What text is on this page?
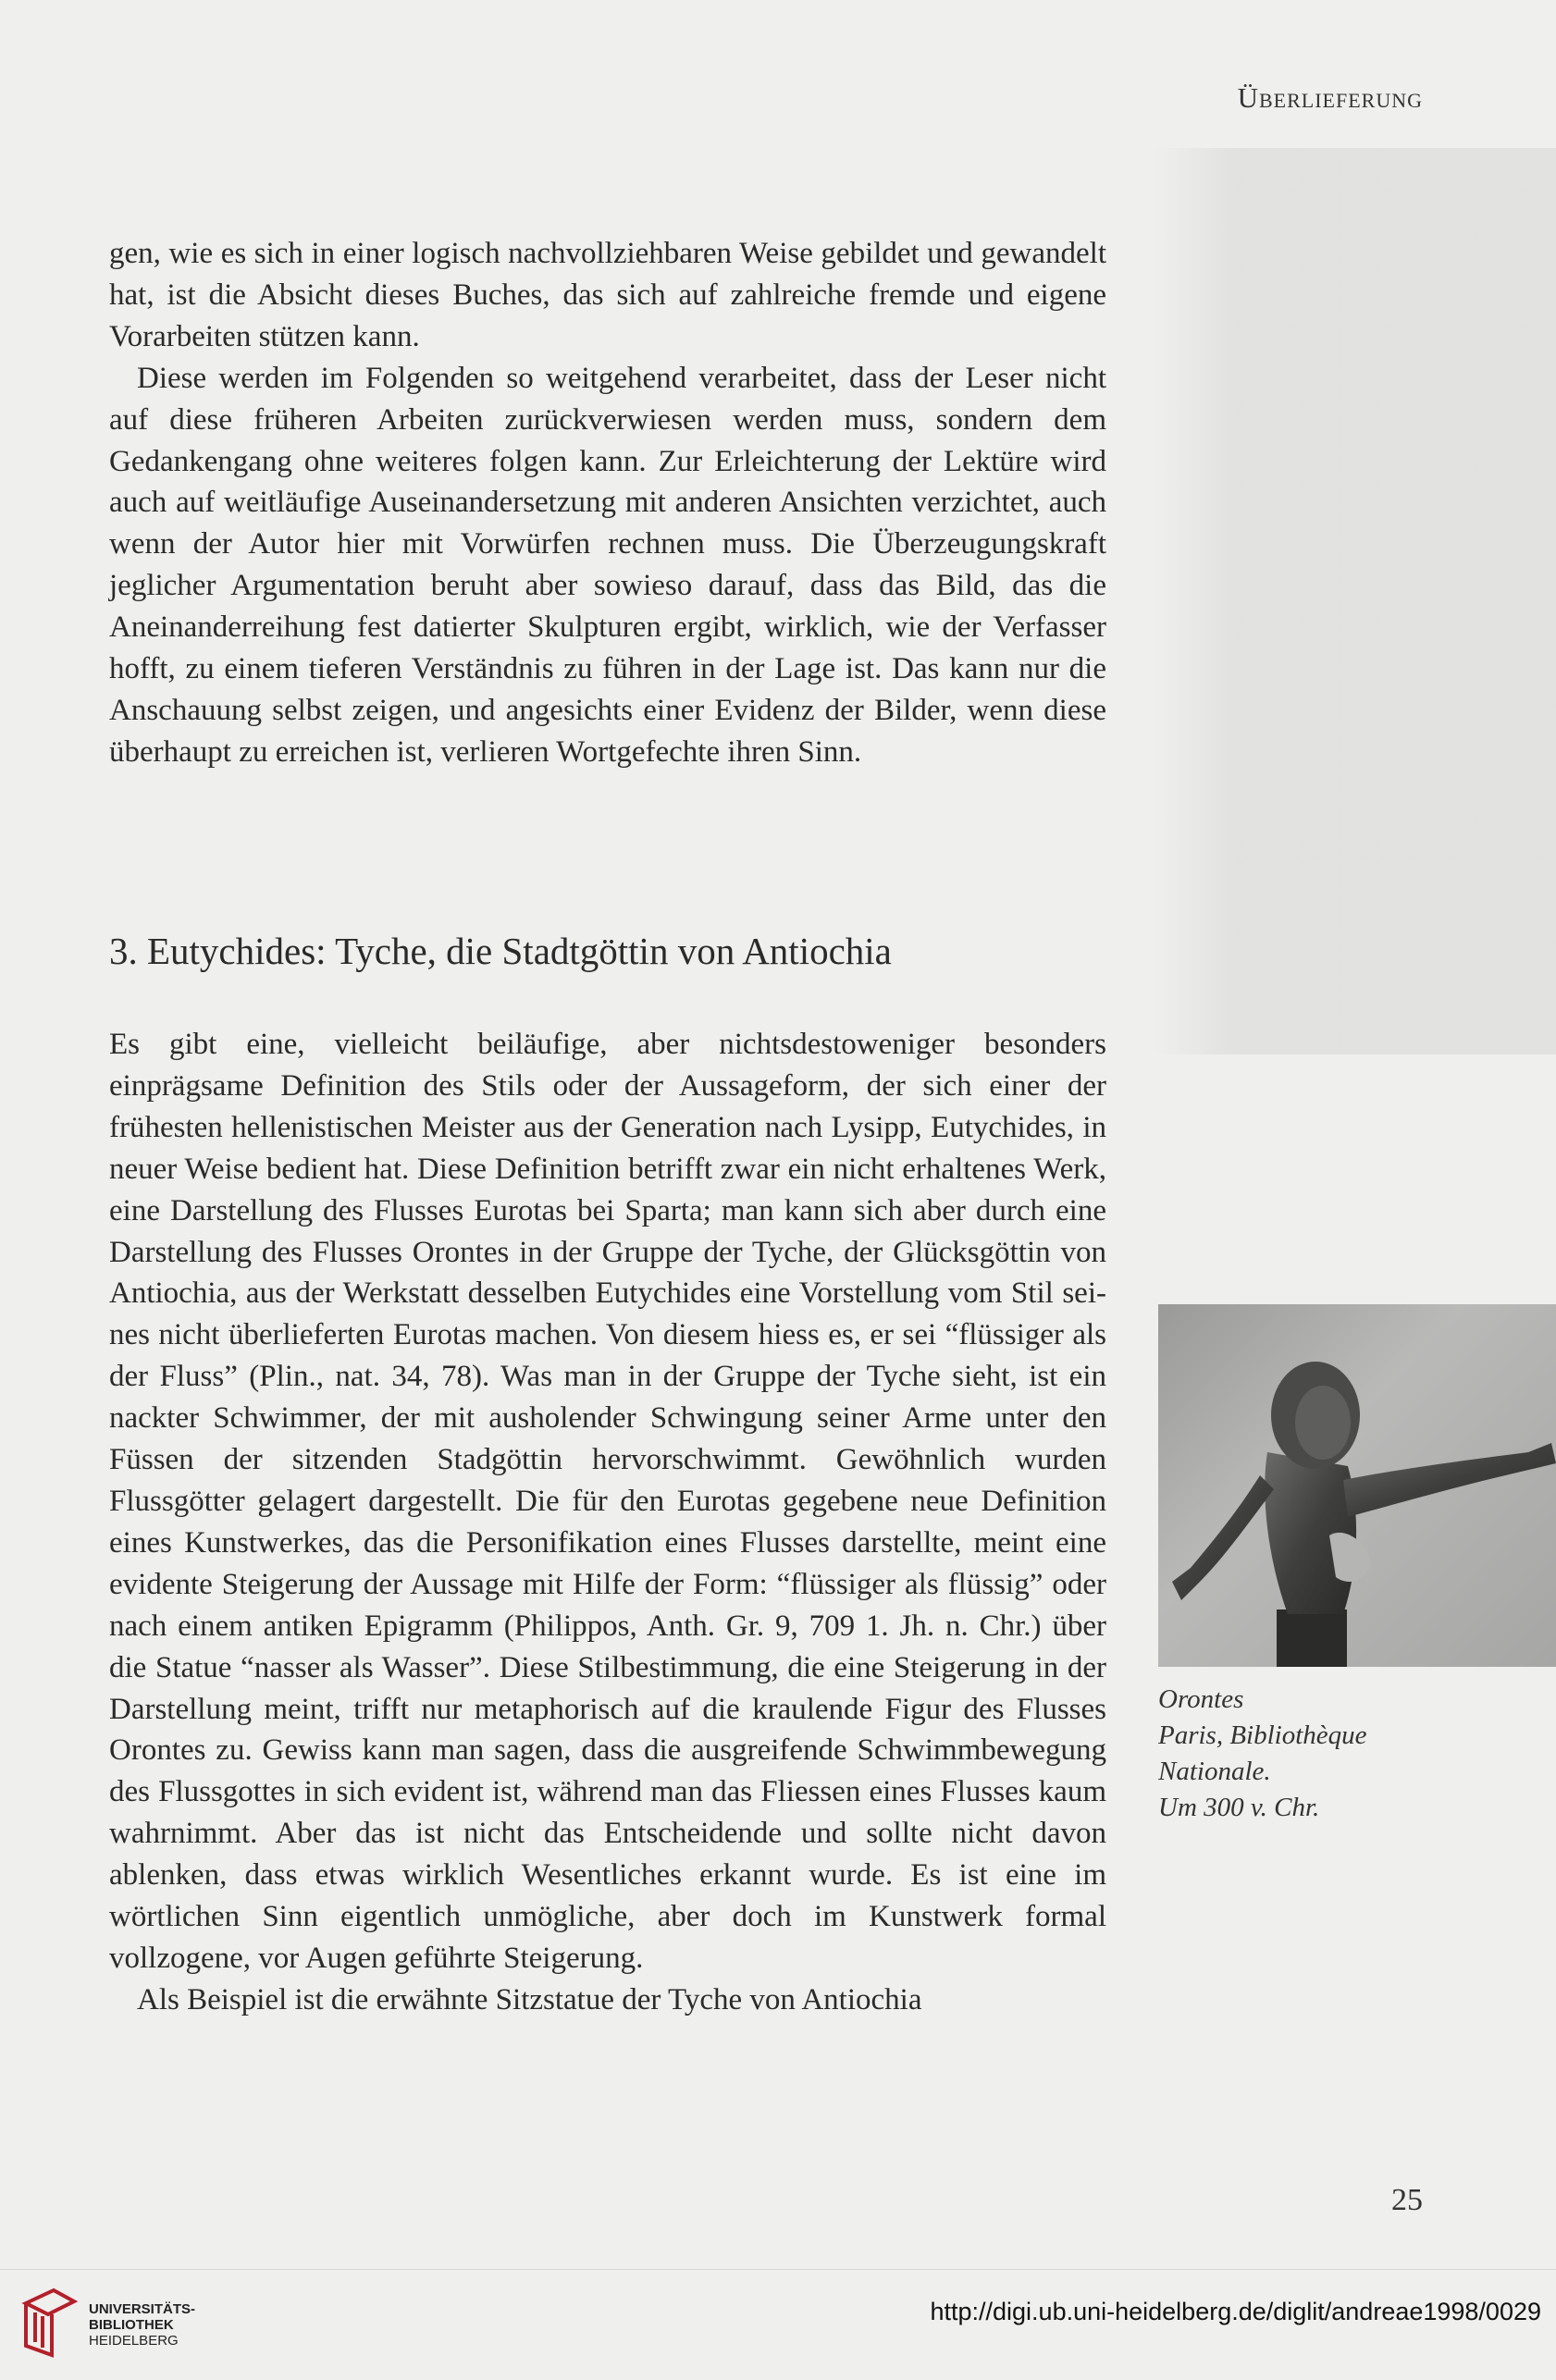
Überlieferung

gen, wie es sich in einer logisch nachvollziehbaren Weise gebildet und gewandelt hat, ist die Absicht dieses Buches, das sich auf zahlreiche fremde und eigene Vorarbeiten stützen kann.

Diese werden im Folgenden so weitgehend verarbeitet, dass der Leser nicht auf diese früheren Arbeiten zurückverwiesen werden muss, sondern dem Gedankengang ohne weiteres folgen kann. Zur Erleichterung der Lektüre wird auch auf weitläufige Auseinandersetzung mit anderen Ansichten verzichtet, auch wenn der Autor hier mit Vorwürfen rechnen muss. Die Überzeugungskraft jeglicher Argumentation beruht aber sowieso darauf, dass das Bild, das die Aneinanderreihung fest datierter Skulpturen ergibt, wirklich, wie der Verfasser hofft, zu einem tieferen Verständnis zu führen in der Lage ist. Das kann nur die Anschauung selbst zeigen, und angesichts einer Evidenz der Bilder, wenn diese überhaupt zu erreichen ist, verlieren Wortgefechte ihren Sinn.

3. Eutychides: Tyche, die Stadtgöttin von Antiochia

Es gibt eine, vielleicht beiläufige, aber nichtsdestoweniger besonders einprägsame Definition des Stils oder der Aussageform, der sich einer der frühesten hellenistischen Meister aus der Generation nach Lysipp, Eutychides, in neuer Weise bedient hat. Diese Definition betrifft zwar ein nicht erhaltenes Werk, eine Darstellung des Flusses Eurotas bei Sparta; man kann sich aber durch eine Darstellung des Flusses Orontes in der Gruppe der Tyche, der Glücksgöttin von Antiochia, aus der Werkstatt desselben Eutychides eine Vorstellung vom Stil seines nicht überlieferten Eurotas machen. Von diesem hiess es, er sei “flüssiger als der Fluss” (Plin., nat. 34, 78). Was man in der Gruppe der Tyche sieht, ist ein nackter Schwimmer, der mit ausholender Schwingung seiner Arme unter den Füssen der sitzenden Stadgöttin hervorschwimmt. Gewöhnlich wurden Flussgötter gelagert dargestellt. Die für den Eurotas gegebene neue Definition eines Kunstwerkes, das die Personifikation eines Flusses darstellte, meint eine evidente Steigerung der Aussage mit Hilfe der Form: “flüssiger als flüssig” oder nach einem antiken Epigramm (Philippos, Anth. Gr. 9, 709 1. Jh. n. Chr.) über die Statue “nasser als Wasser”. Diese Stilbestimmung, die eine Steigerung in der Darstellung meint, trifft nur metaphorisch auf die kraulende Figur des Flusses Orontes zu. Gewiss kann man sagen, dass die ausgreifende Schwimmbewegung des Flussgottes in sich evident ist, während man das Fliessen eines Flusses kaum wahrnimmt. Aber das ist nicht das Entscheidende und sollte nicht davon ablenken, dass etwas wirklich Wesentliches erkannt wurde. Es ist eine im wörtlichen Sinn eigentlich unmögliche, aber doch im Kunstwerk formal vollzogene, vor Augen geführte Steigerung.

Als Beispiel ist die erwähnte Sitzstatue der Tyche von Antiochia

Orontes
Paris, Bibliothèque
Nationale.
Um 300 v. Chr.
25
UNIVERSITÄTS-
BIBLIOTHEK
HEIDELBERG
http://digi.ub.uni-heidelberg.de/diglit/andreae1998/0029
